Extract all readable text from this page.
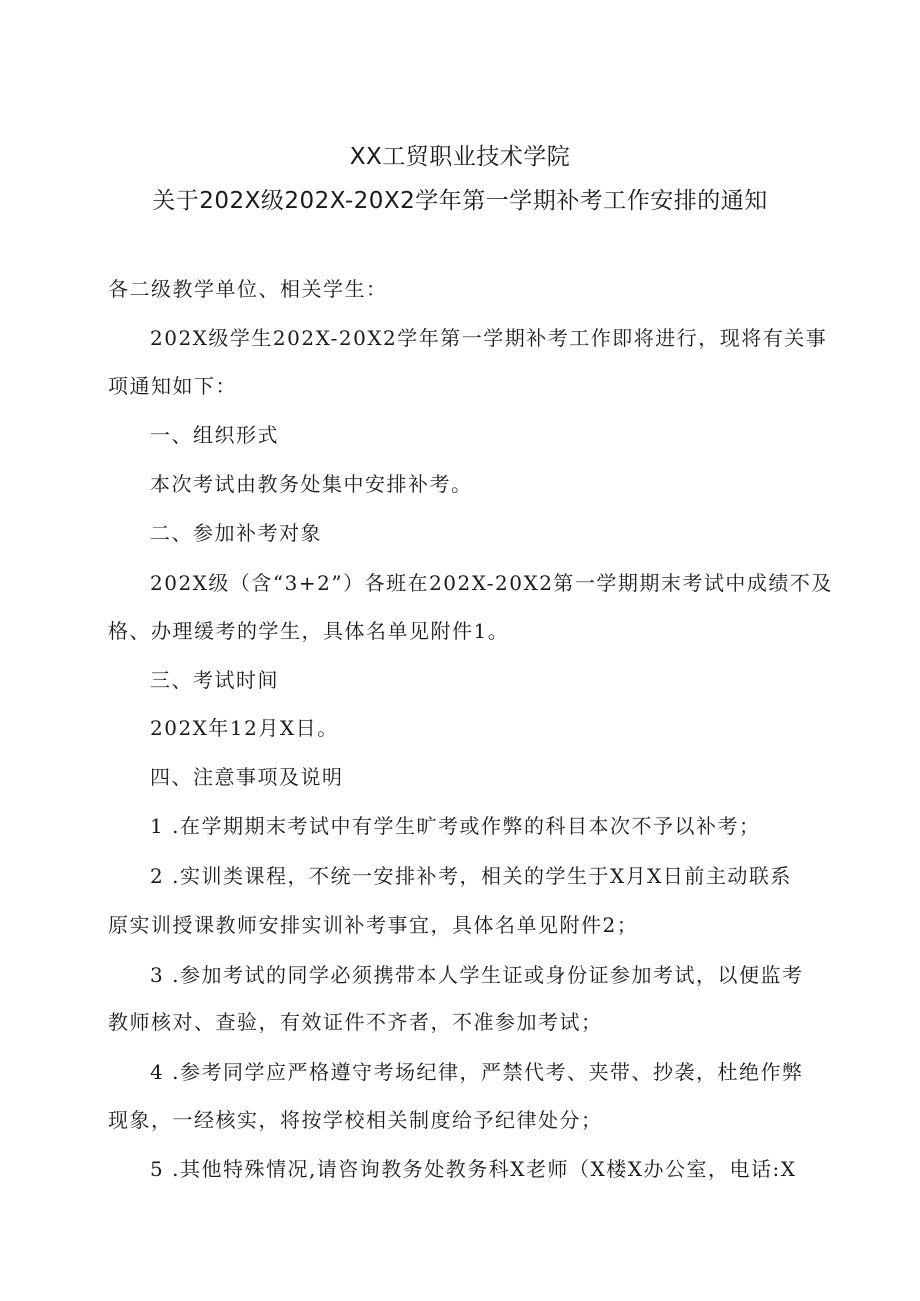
XX工贸职业技术学院
关于202X级202X-20X2学年第一学期补考工作安排的通知
各二级教学单位、相关学生：
202X级学生202X-20X2学年第一学期补考工作即将进行，现将有关事
项通知如下：
一、组织形式
本次考试由教务处集中安排补考。
二、参加补考对象
202X级（含“3+2”）各班在202X-20X2第一学期期末考试中成绩不及
格、办理缓考的学生，具体名单见附件1。
三、考试时间
202X年12月X日。
四、注意事项及说明
1 .在学期期末考试中有学生旷考或作弊的科目本次不予以补考；
2 .实训类课程，不统一安排补考，相关的学生于X月X日前主动联系
原实训授课教师安排实训补考事宜，具体名单见附件2；
3 .参加考试的同学必须携带本人学生证或身份证参加考试，以便监考
教师核对、查验，有效证件不齐者，不准参加考试；
4 .参考同学应严格遵守考场纪律，严禁代考、夹带、抄袭，杜绝作弊
现象，一经核实，将按学校相关制度给予纪律处分；
5 .其他特殊情况,请咨询教务处教务科X老师（X楼X办公室，电话:X
